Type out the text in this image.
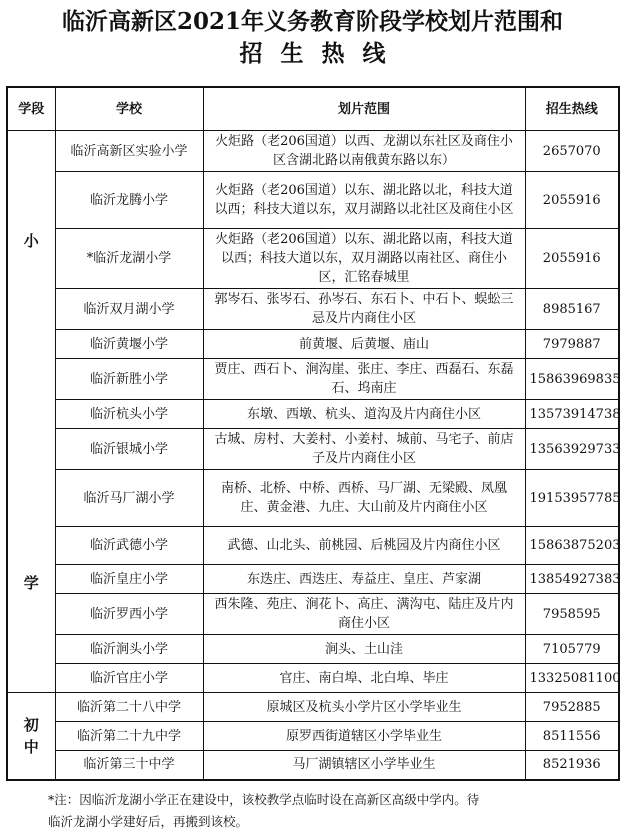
临沂高新区2021年义务教育阶段学校划片范围和
招生热线
学段	学校	划片范围	招生热线

小
学	临沂高新区实验小学	火炬路（老206国道）以西、龙湖以东社区及商住小区含湖北路以南俄黄东路以东）	2657070
	临沂龙腾小学	火炬路（老206国道）以东、湖北路以北，科技大道以西；科技大道以东，双月湖路以北社区及商住小区	2055916
	*临沂龙湖小学	火炬路（老206国道）以东、湖北路以南，科技大道以西；科技大道以东，双月湖路以南社区、商住小区，汇铭春城里	2055916
	临沂双月湖小学	郭岑石、张岑石、孙岑石、东石卜、中石卜、蜈蚣三忌及片内商住小区	8985167
	临沂黄堰小学	前黄堰、后黄堰、庙山	7979887
	临沂新胜小学	贾庄、西石卜、涧沟崖、张庄、李庄、西磊石、东磊石、坞南庄	15863969835
	临沂杭头小学	东墩、西墩、杭头、道沟及片内商住小区	13573914738
	临沂银城小学	古城、房村、大姜村、小姜村、城前、马宅子、前店子及片内商住小区	13563929733
	临沂马厂湖小学	南桥、北桥、中桥、西桥、马厂湖、无梁殿、凤凰庄、黄金港、九庄、大山前及片内商住小区	19153957785
	临沂武德小学	武德、山北头、前桃园、后桃园及片内商住小区	15863875203
	临沂皇庄小学	东迭庄、西迭庄、寿益庄、皇庄、芦家湖	13854927383
	临沂罗西小学	西朱隆、苑庄、涧花卜、高庄、满沟屯、陆庄及片内商住小区	7958595
	临沂涧头小学	涧头、土山洼	7105779
	临沂官庄小学	官庄、南白埠、北白埠、毕庄	13325081100

初
中	临沂第二十八中学	原城区及杭头小学片区小学毕业生	7952885
	临沂第二十九中学	原罗西街道辖区小学毕业生	8511556
	临沂第三十中学	马厂湖镇辖区小学毕业生	8521936
*注：因临沂龙湖小学正在建设中，该校教学点临时设在高新区高级中学内。待
临沂龙湖小学建好后，再搬到该校。
